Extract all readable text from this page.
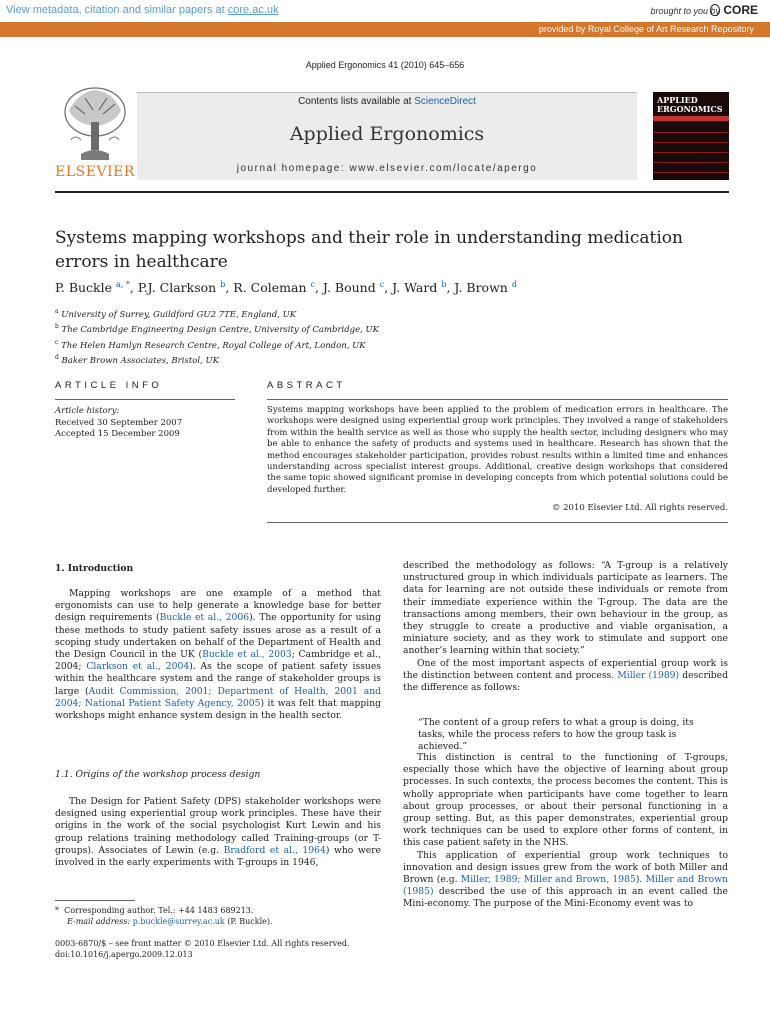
View metadata, citation and similar papers at core.ac.uk	brought to you by CORE
provided by Royal College of Art Research Repository
Applied Ergonomics 41 (2010) 645–656
ELSEVIER
Contents lists available at ScienceDirect
Applied Ergonomics
journal homepage: www.elsevier.com/locate/apergo
APPLIED
ERGONOMICS
Systems mapping workshops and their role in understanding medication errors in healthcare
P. Buckle $^{a, *}$, P.J. Clarkson $^b$, R. Coleman $^c$, J. Bound $^c$, J. Ward $^b$, J. Brown $^d$
$^a$ University of Surrey, Guildford GU2 7TE, England, UK
$^b$ The Cambridge Engineering Design Centre, University of Cambridge, UK
$^c$ The Helen Hamlyn Research Centre, Royal College of Art, London, UK
$^d$ Baker Brown Associates, Bristol, UK
ARTICLE INFO
Article history:
Received 30 September 2007
Accepted 15 December 2009
ABSTRACT
Systems mapping workshops have been applied to the problem of medication errors in healthcare. The workshops were designed using experiential group work principles. They involved a range of stakeholders from within the health service as well as those who supply the health sector, including designers who may be able to enhance the safety of products and systems used in healthcare. Research has shown that the method encourages stakeholder participation, provides robust results within a limited time and enhances understanding across specialist interest groups. Additional, creative design workshops that considered the same topic showed significant promise in developing concepts from which potential solutions could be developed further.
© 2010 Elsevier Ltd. All rights reserved.
1. Introduction

Mapping workshops are one example of a method that ergonomists can use to help generate a knowledge base for better design requirements (Buckle et al., 2006). The opportunity for using these methods to study patient safety issues arose as a result of a scoping study undertaken on behalf of the Department of Health and the Design Council in the UK (Buckle et al., 2003; Cambridge et al., 2004; Clarkson et al., 2004). As the scope of patient safety issues within the healthcare system and the range of stakeholder groups is large (Audit Commission, 2001; Department of Health, 2001 and 2004; National Patient Safety Agency, 2005) it was felt that mapping workshops might enhance system design in the health sector.

1.1. Origins of the workshop process design

The Design for Patient Safety (DPS) stakeholder workshops were designed using experiential group work principles. These have their origins in the work of the social psychologist Kurt Lewin and his group relations training methodology called Training-groups (or T-groups). Associates of Lewin (e.g. Bradford et al., 1964) who were involved in the early experiments with T-groups in 1946,

described the methodology as follows: “A T-group is a relatively unstructured group in which individuals participate as learners. The data for learning are not outside these individuals or remote from their immediate experience within the T-group. The data are the transactions among members, their own behaviour in the group, as they struggle to create a productive and viable organisation, a miniature society, and as they work to stimulate and support one another’s learning within that society.”

One of the most important aspects of experiential group work is the distinction between content and process. Miller (1989) described the difference as follows:

“The content of a group refers to what a group is doing, its tasks, while the process refers to how the group task is achieved.”

This distinction is central to the functioning of T-groups, especially those which have the objective of learning about group processes. In such contexts, the process becomes the content. This is wholly appropriate when participants have come together to learn about group processes, or about their personal functioning in a group setting. But, as this paper demonstrates, experiential group work techniques can be used to explore other forms of content, in this case patient safety in the NHS.

This application of experiential group work techniques to innovation and design issues grew from the work of both Miller and Brown (e.g. Miller, 1989; Miller and Brown, 1985). Miller and Brown (1985) described the use of this approach in an event called the Mini-economy. The purpose of the Mini-Economy event was to

* Corresponding author. Tel.: +44 1483 689213.
E-mail address: p.buckle@surrey.ac.uk (P. Buckle).
0003-6870/$ – see front matter © 2010 Elsevier Ltd. All rights reserved.
doi:10.1016/j.apergo.2009.12.013
